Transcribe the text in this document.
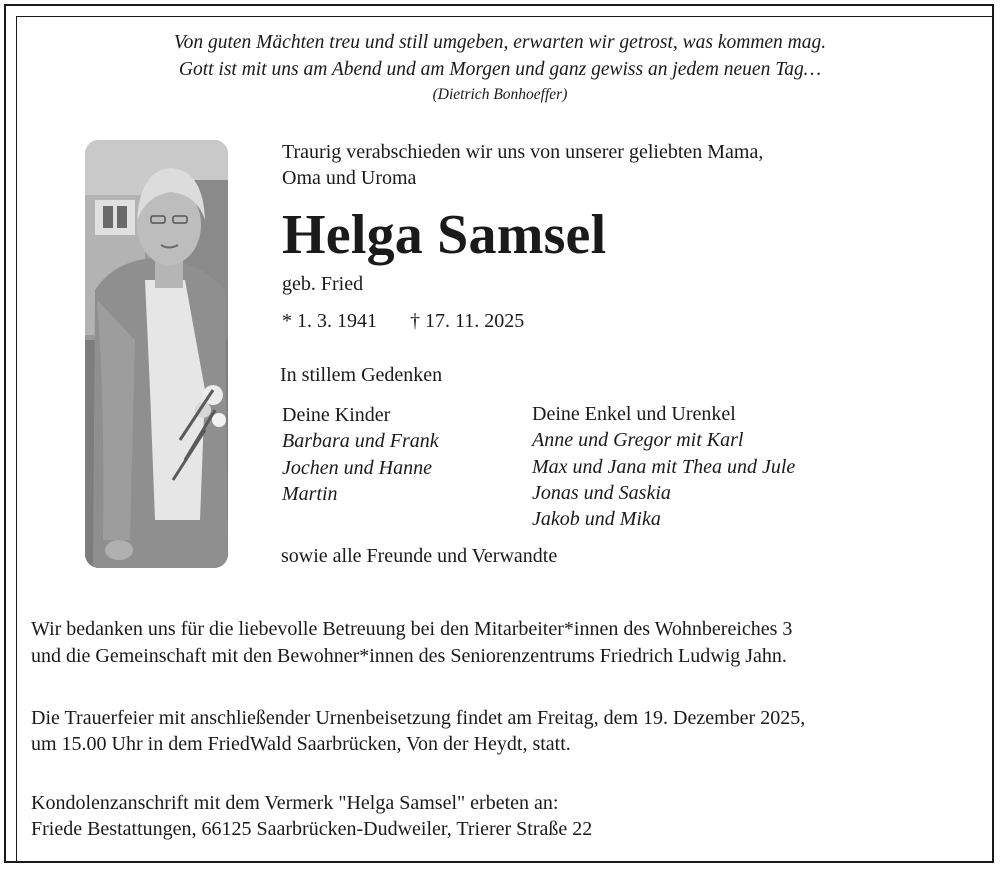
Von guten Mächten treu und still umgeben, erwarten wir getrost, was kommen mag.

Gott ist mit uns am Abend und am Morgen und ganz gewiss an jedem neuen Tag…

(Dietrich Bonhoeffer)

Traurig verabschieden wir uns von unserer geliebten Mama,

Oma und Uroma

Helga Samsel

geb. Fried

* 1. 3. 1941 † 17. 11. 2025

In stillem Gedenken

Deine Kinder

Barbara und Frank

Jochen und Hanne

Martin

Deine Enkel und Urenkel

Anne und Gregor mit Karl

Max und Jana mit Thea und Jule

Jonas und Saskia

Jakob und Mika

sowie alle Freunde und Verwandte

Wir bedanken uns für die liebevolle Betreuung bei den Mitarbeiter*innen des Wohnbereiches 3

und die Gemeinschaft mit den Bewohner*innen des Seniorenzentrums Friedrich Ludwig Jahn.

Die Trauerfeier mit anschließender Urnenbeisetzung findet am Freitag, dem 19. Dezember 2025,

um 15.00 Uhr in dem FriedWald Saarbrücken, Von der Heydt, statt.

Kondolenzanschrift mit dem Vermerk "Helga Samsel" erbeten an:

Friede Bestattungen, 66125 Saarbrücken-Dudweiler, Trierer Straße 22
